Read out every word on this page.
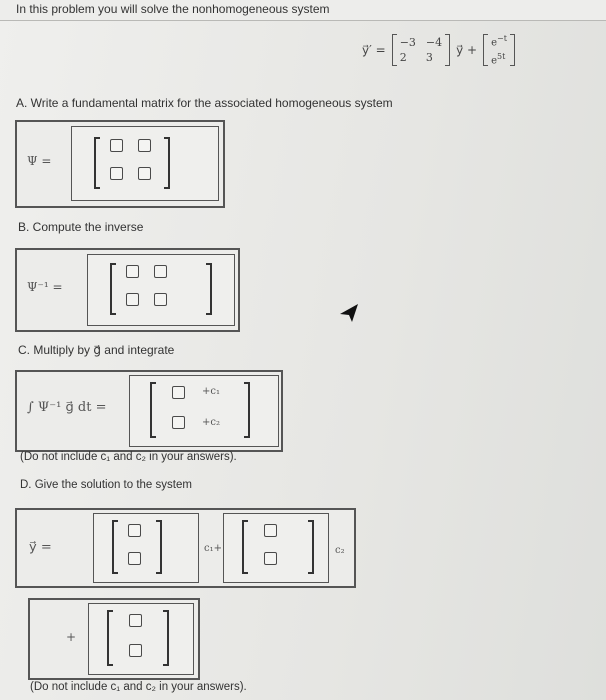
In this problem you will solve the nonhomogeneous system
y⃗′ =
−3 −4
2	3
y⃗ +
$e^{-t}$
$e^{5t}$
A. Write a fundamental matrix for the associated homogeneous system
Ψ =
B. Compute the inverse
Ψ⁻¹ =
C. Multiply by g⃗ and integrate
∫ Ψ⁻¹ g⃗ dt =
+c₁
+c₂
(Do not include c₁ and c₂ in your answers).
D. Give the solution to the system
y⃗ =	c₁+	c₂
+
(Do not include c₁ and c₂ in your answers).
